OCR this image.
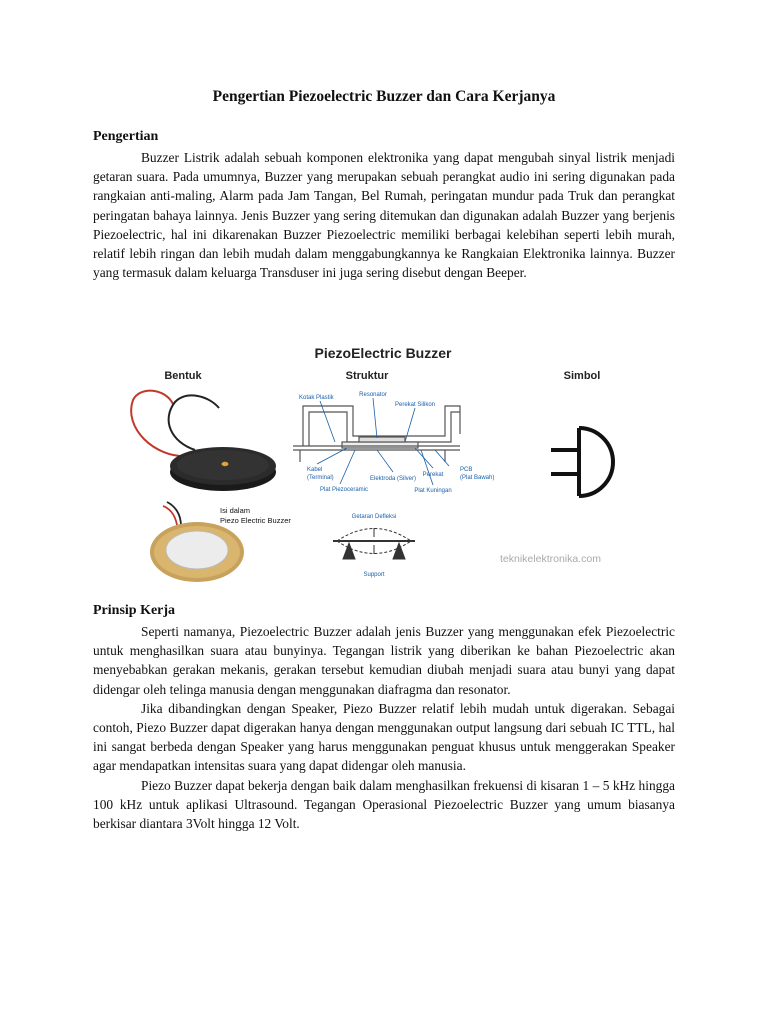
Pengertian Piezoelectric Buzzer dan Cara Kerjanya
Pengertian

Buzzer Listrik adalah sebuah komponen elektronika yang dapat mengubah sinyal listrik menjadi getaran suara. Pada umumnya, Buzzer yang merupakan sebuah perangkat audio ini sering digunakan pada rangkaian anti-maling, Alarm pada Jam Tangan, Bel Rumah, peringatan mundur pada Truk dan perangkat peringatan bahaya lainnya. Jenis Buzzer yang sering ditemukan dan digunakan adalah Buzzer yang berjenis Piezoelectric, hal ini dikarenakan Buzzer Piezoelectric memiliki berbagai kelebihan seperti lebih murah, relatif lebih ringan dan lebih mudah dalam menggabungkannya ke Rangkaian Elektronika lainnya. Buzzer yang termasuk dalam keluarga Transduser ini juga sering disebut dengan Beeper.

PiezoElectric Buzzer
Bentuk	Struktur	Simbol
Isi dalam
Piezo Electric Buzzer
Kotak Plastik	Resonator
Perekat Silikon
Kabel
(Terminal)
Plat Piezoceramic
Elektroda (Silver)
Perekat
PCB
(Plat Bawah)
Plat Kuningan
Getaran Defleksi
Support
teknikelektronika.com
Prinsip Kerja

Seperti namanya, Piezoelectric Buzzer adalah jenis Buzzer yang menggunakan efek Piezoelectric untuk menghasilkan suara atau bunyinya. Tegangan listrik yang diberikan ke bahan Piezoelectric akan menyebabkan gerakan mekanis, gerakan tersebut kemudian diubah menjadi suara atau bunyi yang dapat didengar oleh telinga manusia dengan menggunakan diafragma dan resonator.

Jika dibandingkan dengan Speaker, Piezo Buzzer relatif lebih mudah untuk digerakan. Sebagai contoh, Piezo Buzzer dapat digerakan hanya dengan menggunakan output langsung dari sebuah IC TTL, hal ini sangat berbeda dengan Speaker yang harus menggunakan penguat khusus untuk menggerakan Speaker agar mendapatkan intensitas suara yang dapat didengar oleh manusia.

Piezo Buzzer dapat bekerja dengan baik dalam menghasilkan frekuensi di kisaran 1 – 5 kHz hingga 100 kHz untuk aplikasi Ultrasound. Tegangan Operasional Piezoelectric Buzzer yang umum biasanya berkisar diantara 3Volt hingga 12 Volt.
